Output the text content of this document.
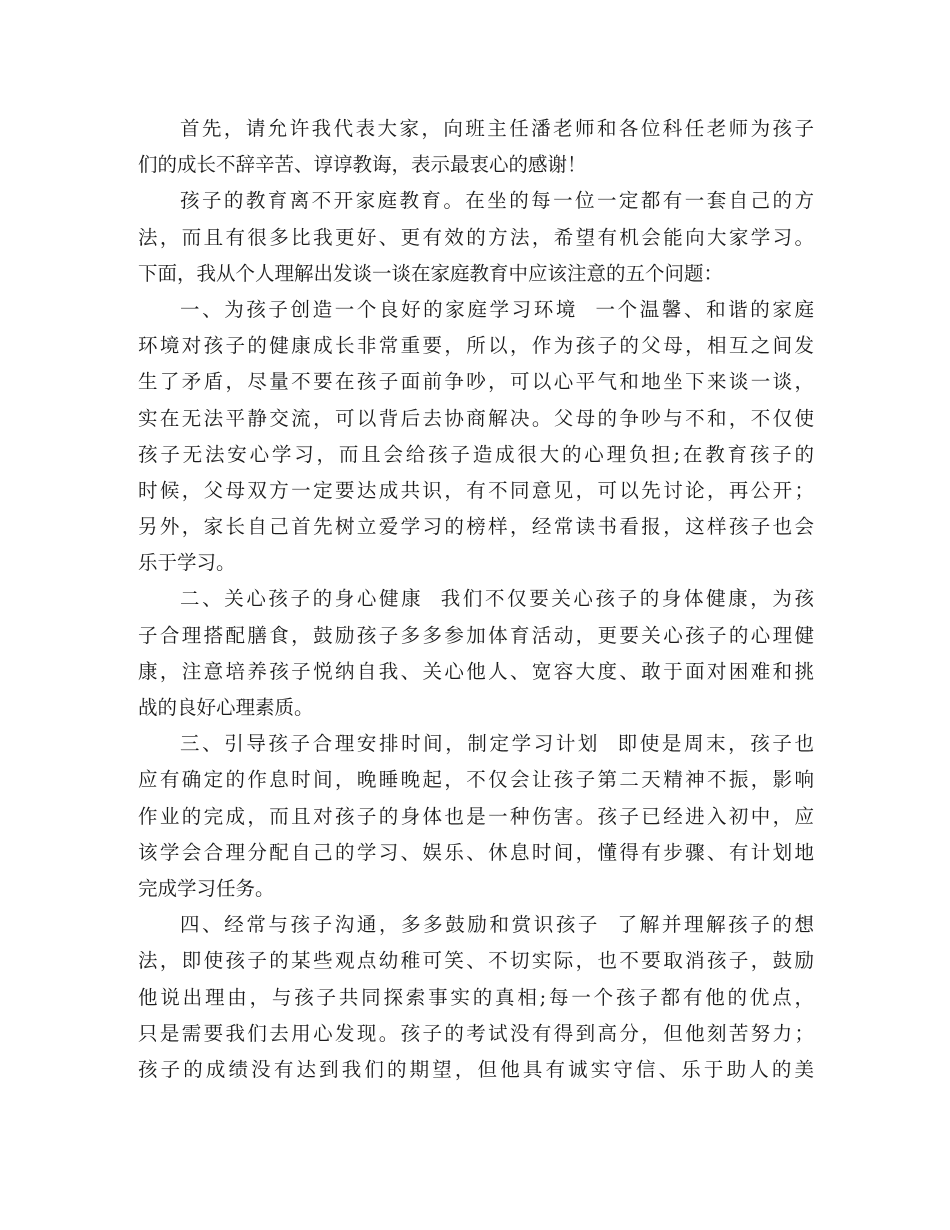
首先，请允许我代表大家，向班主任潘老师和各位科任老师为孩子
们的成长不辞辛苦、谆谆教诲，表示最衷心的感谢！

孩子的教育离不开家庭教育。在坐的每一位一定都有一套自己的方
法，而且有很多比我更好、更有效的方法，希望有机会能向大家学习。
下面，我从个人理解出发谈一谈在家庭教育中应该注意的五个问题：

一、为孩子创造一个良好的家庭学习环境  一个温馨、和谐的家庭
环境对孩子的健康成长非常重要，所以，作为孩子的父母，相互之间发
生了矛盾，尽量不要在孩子面前争吵，可以心平气和地坐下来谈一谈，
实在无法平静交流，可以背后去协商解决。父母的争吵与不和，不仅使
孩子无法安心学习，而且会给孩子造成很大的心理负担;在教育孩子的
时候，父母双方一定要达成共识，有不同意见，可以先讨论，再公开；
另外，家长自己首先树立爱学习的榜样，经常读书看报，这样孩子也会
乐于学习。

二、关心孩子的身心健康  我们不仅要关心孩子的身体健康，为孩
子合理搭配膳食，鼓励孩子多多参加体育活动，更要关心孩子的心理健
康，注意培养孩子悦纳自我、关心他人、宽容大度、敢于面对困难和挑
战的良好心理素质。

三、引导孩子合理安排时间，制定学习计划  即使是周末，孩子也
应有确定的作息时间，晚睡晚起，不仅会让孩子第二天精神不振，影响
作业的完成，而且对孩子的身体也是一种伤害。孩子已经进入初中，应
该学会合理分配自己的学习、娱乐、休息时间，懂得有步骤、有计划地
完成学习任务。

四、经常与孩子沟通，多多鼓励和赏识孩子  了解并理解孩子的想
法，即使孩子的某些观点幼稚可笑、不切实际，也不要取消孩子，鼓励
他说出理由，与孩子共同探索事实的真相;每一个孩子都有他的优点，
只是需要我们去用心发现。孩子的考试没有得到高分，但他刻苦努力；
孩子的成绩没有达到我们的期望，但他具有诚实守信、乐于助人的美
